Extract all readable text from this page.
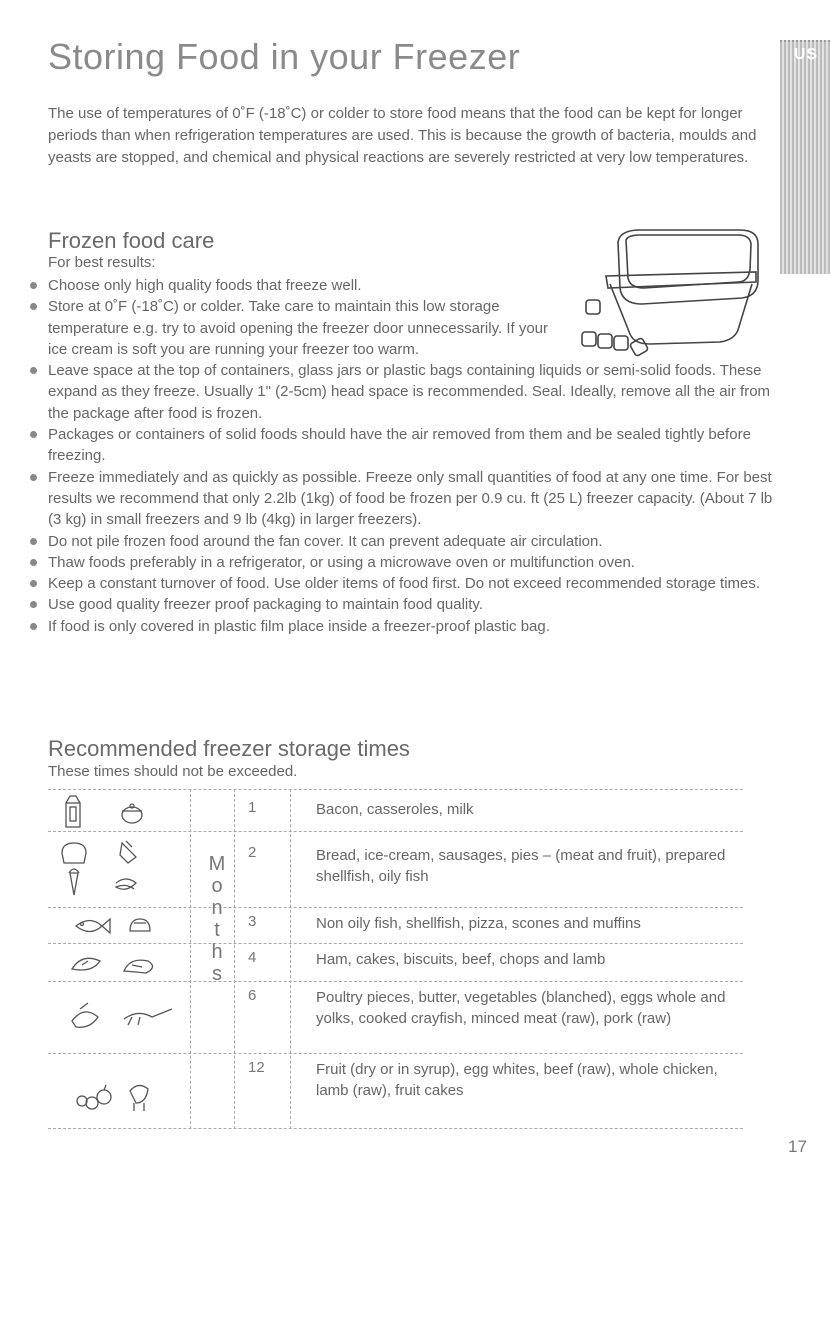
Storing Food in your Freezer	US
The use of temperatures of 0˚F (-18˚C) or colder to store food means that the food can be kept for longer periods than when refrigeration temperatures are used. This is because the growth of bacteria, moulds and yeasts are stopped, and chemical and physical reactions are severely restricted at very low temperatures.
Frozen food care
For best results:
Choose only high quality foods that freeze well.
Store at 0˚F (-18˚C) or colder. Take care to maintain this low storage temperature e.g. try to avoid opening the freezer door unnecessarily. If your ice cream is soft you are running your freezer too warm.
Leave space at the top of containers, glass jars or plastic bags containing liquids or semi-solid foods. These expand as they freeze. Usually 1" (2-5cm) head space is recommended. Seal. Ideally, remove all the air from the package after food is frozen.
Packages or containers of solid foods should have the air removed from them and be sealed tightly before freezing.
Freeze immediately and as quickly as possible. Freeze only small quantities of food at any one time. For best results we recommend that only 2.2lb (1kg) of food be frozen per 0.9 cu. ft (25 L) freezer capacity. (About 7 lb (3 kg) in small freezers and 9 lb (4kg) in larger freezers).
Do not pile frozen food around the fan cover. It can prevent adequate air circulation.
Thaw foods preferably in a refrigerator, or using a microwave oven or multifunction oven.
Keep a constant turnover of food. Use older items of food first. Do not exceed recommended storage times.
Use good quality freezer proof packaging to maintain food quality.
If food is only covered in plastic film place inside a freezer-proof plastic bag.
Recommended freezer storage times
These times should not be exceeded.
M
o
n
t
h
s
1	Bacon, casseroles, milk
2	Bread, ice-cream, sausages, pies – (meat and fruit), prepared shellfish, oily fish
3	Non oily fish, shellfish, pizza, scones and muffins
4	Ham, cakes, biscuits, beef, chops and lamb
6	Poultry pieces, butter, vegetables (blanched), eggs whole and yolks, cooked crayfish, minced meat (raw), pork (raw)
12	Fruit (dry or in syrup), egg whites, beef (raw), whole chicken, lamb (raw), fruit cakes
17
